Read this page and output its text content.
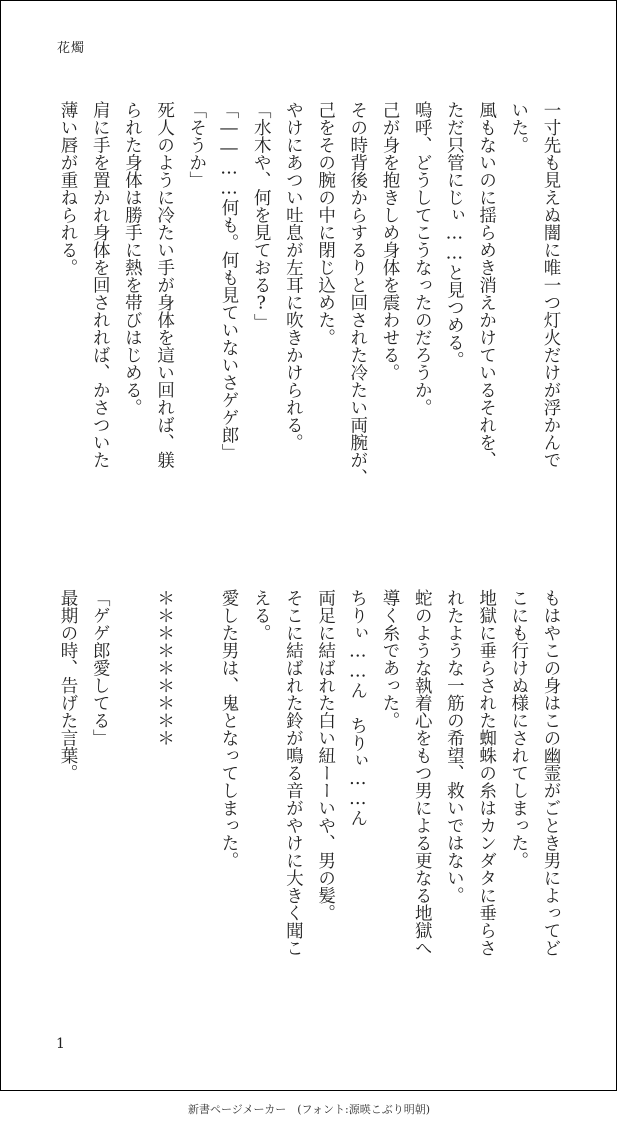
花燭
一寸先も見えぬ闇に唯一つ灯火だけが浮かんで
いた。
風もないのに揺らめき消えかけているそれを、
ただ只管にじぃ……と見つめる。
嗚呼、どうしてこうなったのだろうか。
己が身を抱きしめ身体を震わせる。
その時背後からするりと回された冷たい両腕が、
己をその腕の中に閉じ込めた。
やけにあつい吐息が左耳に吹きかけられる。
「水木や、何を見ておる?」
「――……何も。何も見ていないさゲゲ郎」
「そうか」
死人のように冷たい手が身体を這い回れば、躾
られた身体は勝手に熱を帯びはじめる。
肩に手を置かれ身体を回されれば、かさついた
薄い唇が重ねられる。
もはやこの身はこの幽霊がごとき男によってど
こにも行けぬ様にされてしまった。
地獄に垂らされた蜘蛛の糸はカンダタに垂らさ
れたような一筋の希望、救いではない。
蛇のような執着心をもつ男による更なる地獄へ
導く糸であった。
ちりぃ……ん　ちりぃ……ん
両足に結ばれた白い紐ーーいや、男の髪。
そこに結ばれた鈴が鳴る音がやけに大きく聞こ
える。
愛した男は、鬼となってしまった。
＊＊＊＊＊＊＊＊＊
「ゲゲ郎愛してる」
最期の時、告げた言葉。
1
新書ページメーカー　(フォント:源暎こぶり明朝)
